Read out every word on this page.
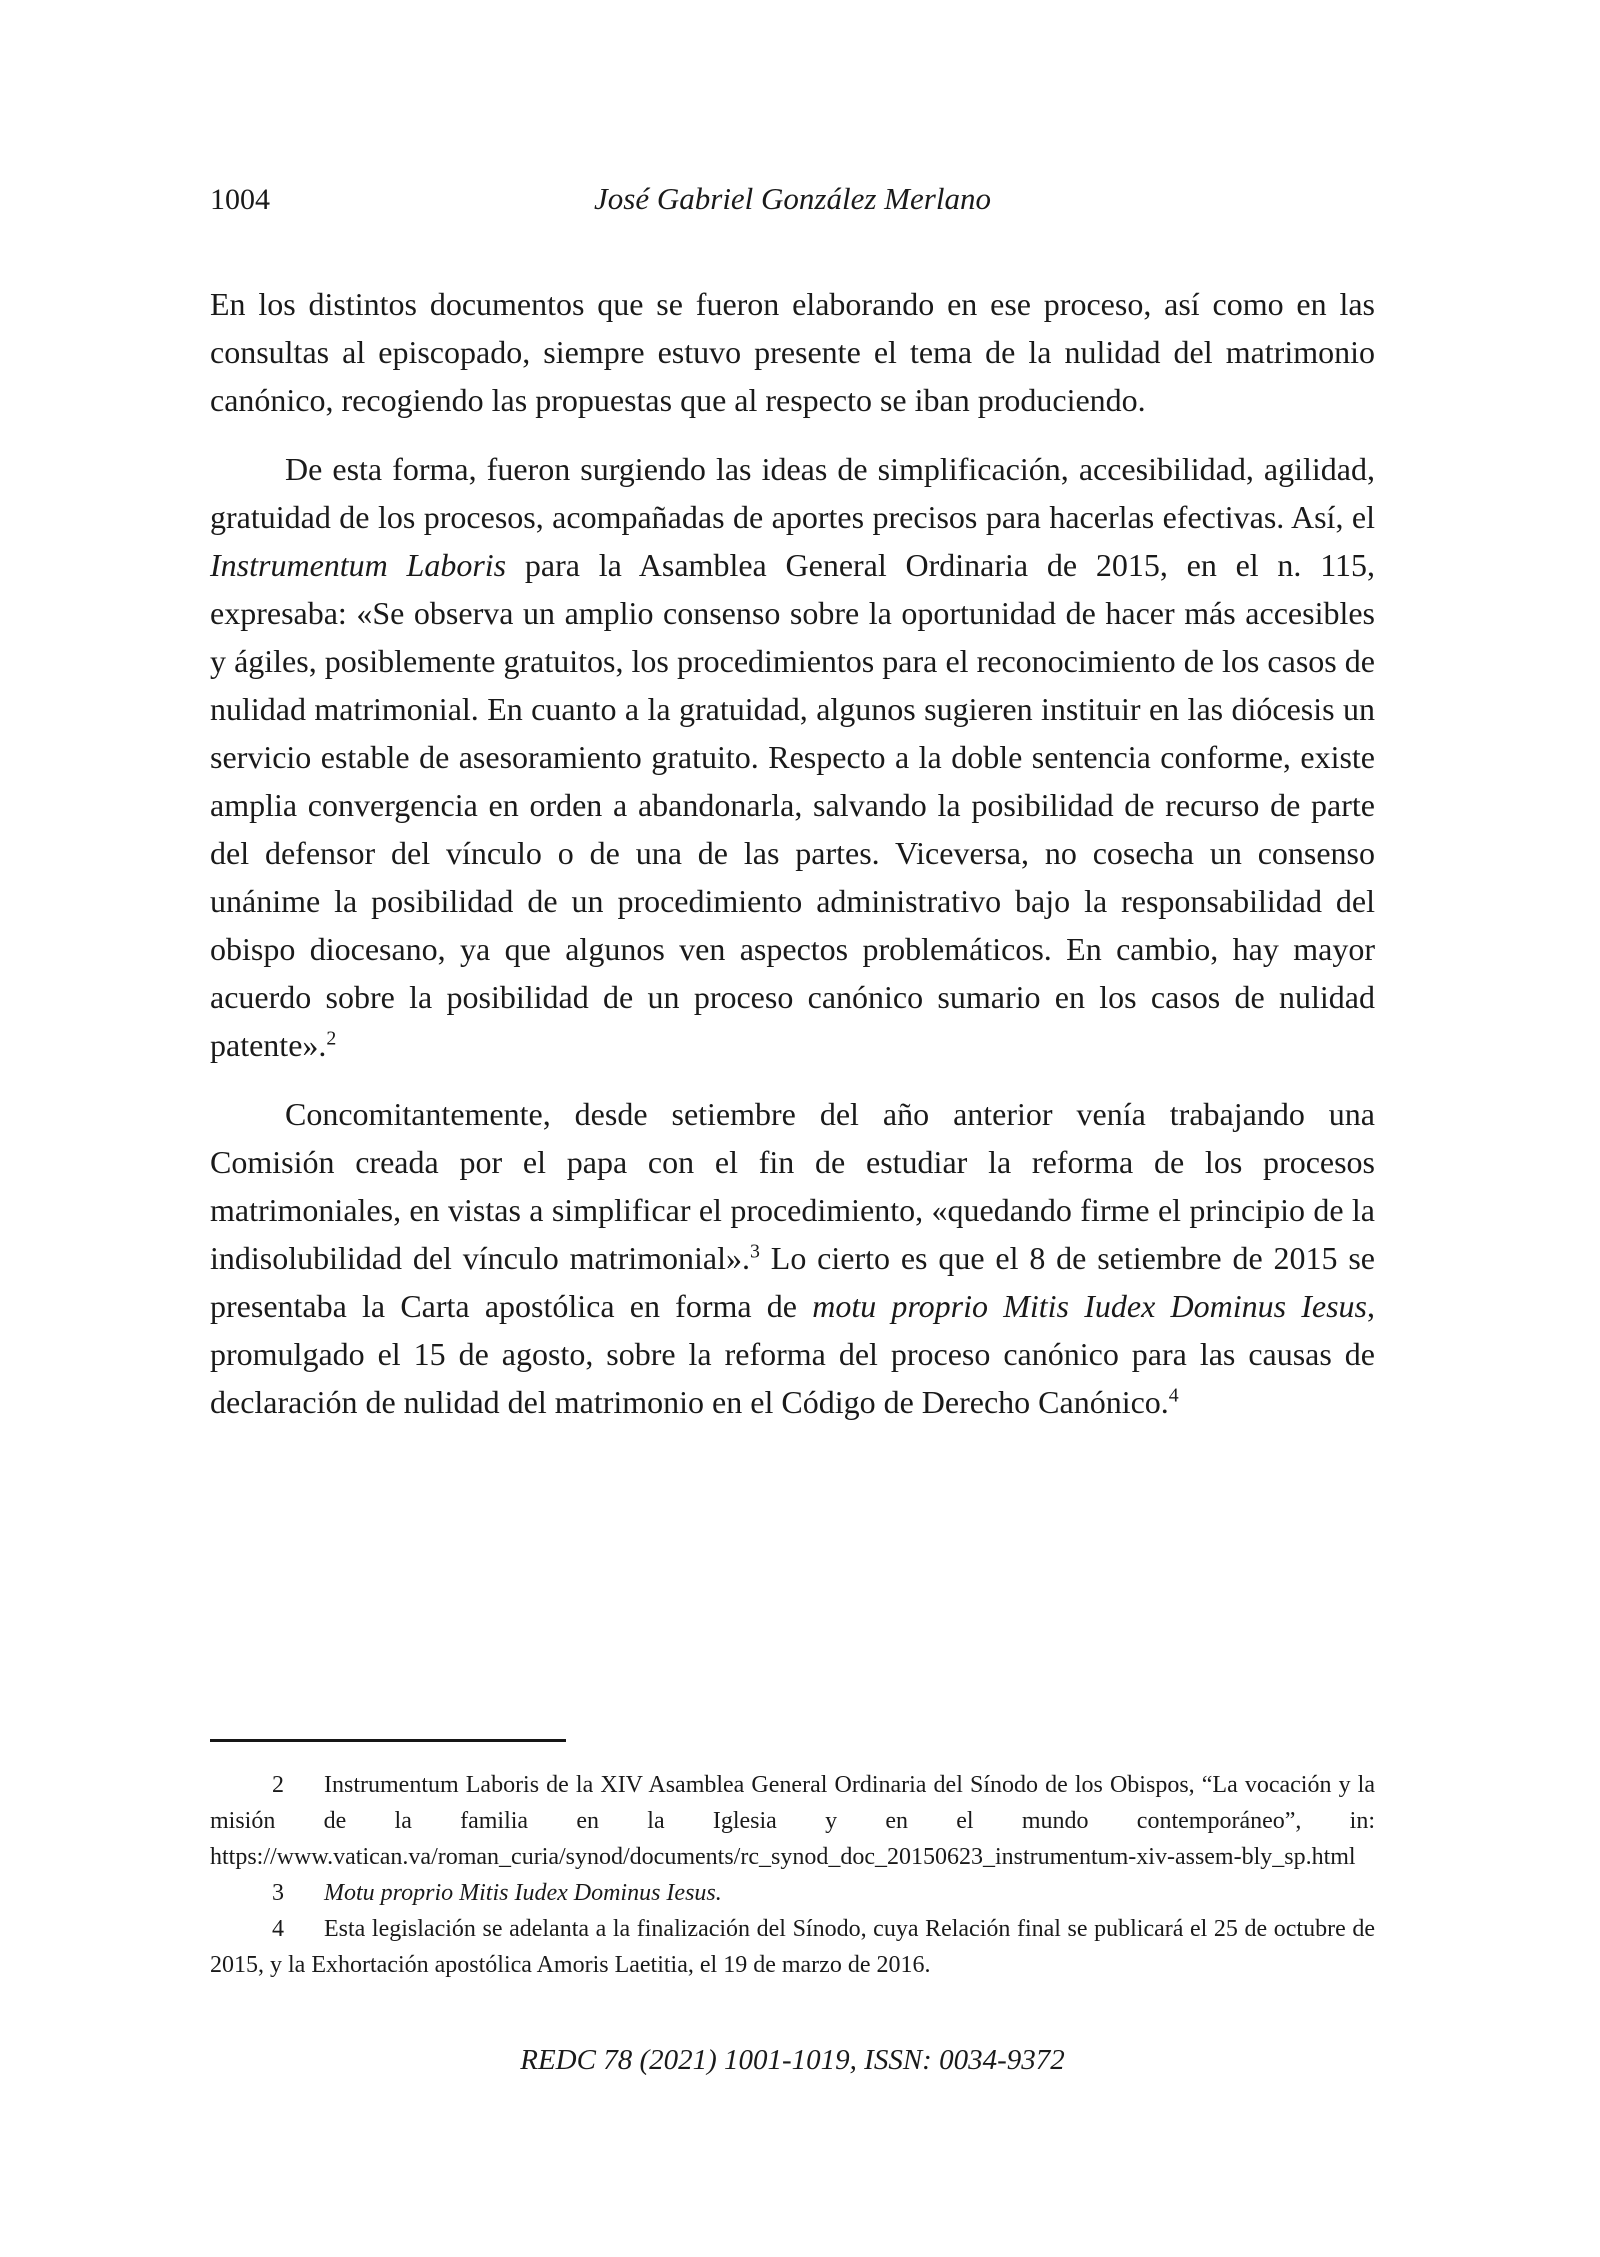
1004	José Gabriel González Merlano

En los distintos documentos que se fueron elaborando en ese proceso, así como en las consultas al episcopado, siempre estuvo presente el tema de la nulidad del matrimonio canónico, recogiendo las propuestas que al respecto se iban produciendo.

De esta forma, fueron surgiendo las ideas de simplificación, accesibilidad, agilidad, gratuidad de los procesos, acompañadas de aportes precisos para hacerlas efectivas. Así, el Instrumentum Laboris para la Asamblea General Ordinaria de 2015, en el n. 115, expresaba: «Se observa un amplio consenso sobre la oportunidad de hacer más accesibles y ágiles, posiblemente gratuitos, los procedimientos para el reconocimiento de los casos de nulidad matrimonial. En cuanto a la gratuidad, algunos sugieren instituir en las diócesis un servicio estable de asesoramiento gratuito. Respecto a la doble sentencia conforme, existe amplia convergencia en orden a abandonarla, salvando la posibilidad de recurso de parte del defensor del vínculo o de una de las partes. Viceversa, no cosecha un consenso unánime la posibilidad de un procedimiento administrativo bajo la responsabilidad del obispo diocesano, ya que algunos ven aspectos problemáticos. En cambio, hay mayor acuerdo sobre la posibilidad de un proceso canónico sumario en los casos de nulidad patente».$^2$

Concomitantemente, desde setiembre del año anterior venía trabajando una Comisión creada por el papa con el fin de estudiar la reforma de los procesos matrimoniales, en vistas a simplificar el procedimiento, «quedando firme el principio de la indisolubilidad del vínculo matrimonial».$^3$ Lo cierto es que el 8 de setiembre de 2015 se presentaba la Carta apostólica en forma de motu proprio Mitis Iudex Dominus Iesus, promulgado el 15 de agosto, sobre la reforma del proceso canónico para las causas de declaración de nulidad del matrimonio en el Código de Derecho Canónico.$^4$

2 Instrumentum Laboris de la XIV Asamblea General Ordinaria del Sínodo de los Obispos, “La vocación y la misión de la familia en la Iglesia y en el mundo contemporáneo”, in: https://www.vatican.va/roman_curia/synod/documents/rc_synod_doc_20150623_instrumentum-xiv-assem-bly_sp.html

3 Motu proprio Mitis Iudex Dominus Iesus.

4 Esta legislación se adelanta a la finalización del Sínodo, cuya Relación final se publicará el 25 de octubre de 2015, y la Exhortación apostólica Amoris Laetitia, el 19 de marzo de 2016.

REDC 78 (2021) 1001-1019, ISSN: 0034-9372
